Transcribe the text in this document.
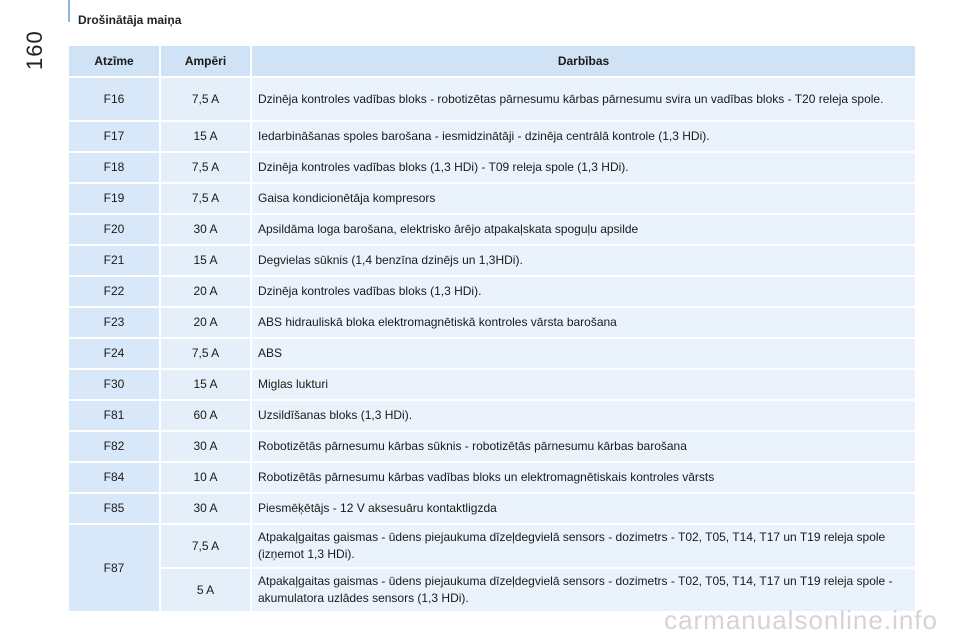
160
Drošinātāja maiņa
Atzīme	Ampēri	Darbības
F16	7,5 A	Dzinēja kontroles vadības bloks - robotizētas pārnesumu kārbas pārnesumu svira un vadības bloks - T20 releja spole.
F17	15 A	Iedarbināšanas spoles barošana - iesmidzinātāji - dzinēja centrālā kontrole (1,3 HDi).
F18	7,5 A	Dzinēja kontroles vadības bloks (1,3 HDi) - T09 releja spole (1,3 HDi).
F19	7,5 A	Gaisa kondicionētāja kompresors
F20	30 A	Apsildāma loga barošana, elektrisko ārējo atpakaļskata spoguļu apsilde
F21	15 A	Degvielas sūknis (1,4 benzīna dzinējs un 1,3HDi).
F22	20 A	Dzinēja kontroles vadības bloks (1,3 HDi).
F23	20 A	ABS hidrauliskā bloka elektromagnētiskā kontroles vārsta barošana
F24	7,5 A	ABS
F30	15 A	Miglas lukturi
F81	60 A	Uzsildīšanas bloks (1,3 HDi).
F82	30 A	Robotizētās pārnesumu kārbas sūknis - robotizētās pārnesumu kārbas barošana
F84	10 A	Robotizētās pārnesumu kārbas vadības bloks un elektromagnētiskais kontroles vārsts
F85	30 A	Piesmēķētājs - 12 V aksesuāru kontaktligzda
F87	7,5 A	Atpakaļgaitas gaismas - ūdens piejaukuma dīzeļdegvielā sensors - dozimetrs - T02, T05, T14, T17 un T19 releja spole (izņemot 1,3 HDi).
	5 A	Atpakaļgaitas gaismas - ūdens piejaukuma dīzeļdegvielā sensors - dozimetrs - T02, T05, T14, T17 un T19 releja spole - akumulatora uzlādes sensors (1,3 HDi).
carmanualsonline.info
